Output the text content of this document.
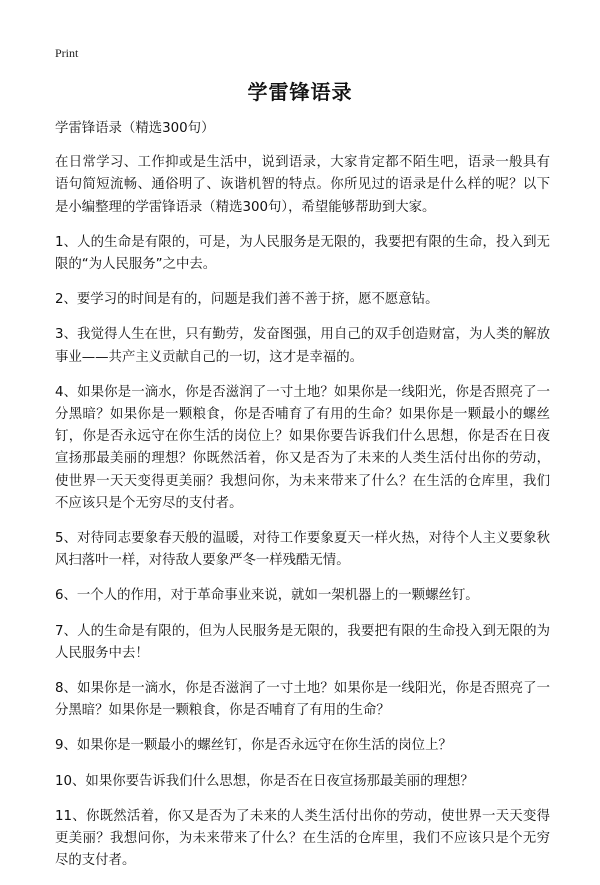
Print
学雷锋语录

学雷锋语录（精选300句）

在日常学习、工作抑或是生活中，说到语录，大家肯定都不陌生吧，语录一般具有语句简短流畅、通俗明了、诙谐机智的特点。你所见过的语录是什么样的呢？以下是小编整理的学雷锋语录（精选300句），希望能够帮助到大家。

1、人的生命是有限的，可是，为人民服务是无限的，我要把有限的生命，投入到无限的“为人民服务”之中去。

2、要学习的时间是有的，问题是我们善不善于挤，愿不愿意钻。

3、我觉得人生在世，只有勤劳，发奋图强，用自己的双手创造财富，为人类的解放事业——共产主义贡献自己的一切，这才是幸福的。

4、如果你是一滴水，你是否滋润了一寸土地？如果你是一线阳光，你是否照亮了一分黑暗？如果你是一颗粮食，你是否哺育了有用的生命？如果你是一颗最小的螺丝钉，你是否永远守在你生活的岗位上？如果你要告诉我们什么思想，你是否在日夜宣扬那最美丽的理想？你既然活着，你又是否为了未来的人类生活付出你的劳动，使世界一天天变得更美丽？我想问你，为未来带来了什么？在生活的仓库里，我们不应该只是个无穷尽的支付者。

5、对待同志要象春天般的温暖，对待工作要象夏天一样火热，对待个人主义要象秋风扫落叶一样，对待敌人要象严冬一样残酷无情。

6、一个人的作用，对于革命事业来说，就如一架机器上的一颗螺丝钉。

7、人的生命是有限的，但为人民服务是无限的，我要把有限的生命投入到无限的为人民服务中去！

8、如果你是一滴水，你是否滋润了一寸土地？如果你是一线阳光，你是否照亮了一分黑暗？如果你是一颗粮食，你是否哺育了有用的生命？

9、如果你是一颗最小的螺丝钉，你是否永远守在你生活的岗位上？

10、如果你要告诉我们什么思想，你是否在日夜宣扬那最美丽的理想？

11、你既然活着，你又是否为了未来的人类生活付出你的劳动，使世界一天天变得更美丽？我想问你，为未来带来了什么？在生活的仓库里，我们不应该只是个无穷尽的支付者。
